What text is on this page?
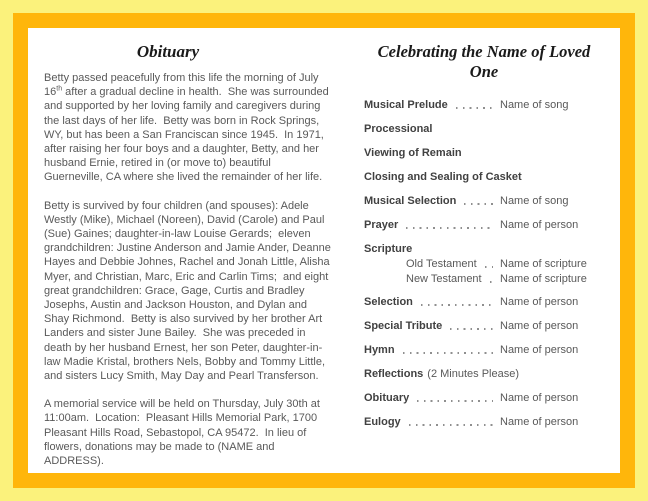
Obituary

Betty passed peacefully from this life the morning of July 16th after a gradual decline in health.  She was surrounded and supported by her loving family and caregivers during the last days of her life.  Betty was born in Rock Springs, WY, but has been a San Franciscan since 1945.  In 1971, after raising her four boys and a daughter, Betty, and her husband Ernie, retired in (or move to) beautiful Guerneville, CA where she lived the remainder of her life.

Betty is survived by four children (and spouses): Adele Westly (Mike), Michael (Noreen), David (Carole) and Paul (Sue) Gaines; daughter-in-law Louise Gerards;  eleven grandchildren: Justine Anderson and Jamie Ander, Deanne Hayes and Debbie Johnes, Rachel and Jonah Little, Alisha Myer, and Christian, Marc, Eric and Carlin Tims;  and eight great grandchildren: Grace, Gage, Curtis and Bradley Josephs, Austin and Jackson Houston, and Dylan and Shay Richmond.  Betty is also survived by her brother Art Landers and sister June Bailey.  She was preceded in death by her husband Ernest, her son Peter, daughter-in-law Madie Kristal, brothers Nels, Bobby and Tommy Little, and sisters Lucy Smith, May Day and Pearl Transferson.

A memorial service will be held on Thursday, July 30th at 11:00am.  Location:  Pleasant Hills Memorial Park, 1700 Pleasant Hills Road, Sebastopol, CA 95472.  In lieu of flowers, donations may be made to (NAME and ADDRESS).

Celebrating the Name of Loved One
Musical Prelude	Name of song
Processional
Viewing of Remain
Closing and Sealing of Casket
Musical Selection	Name of song
Prayer	Name of person
Scripture
Old Testament Name of scripture
New Testament Name of scripture
Selection	Name of person
Special Tribute	Name of person
Hymn	Name of person
Reflections (2 Minutes Please)
Obituary	Name of person
Eulogy	Name of person
